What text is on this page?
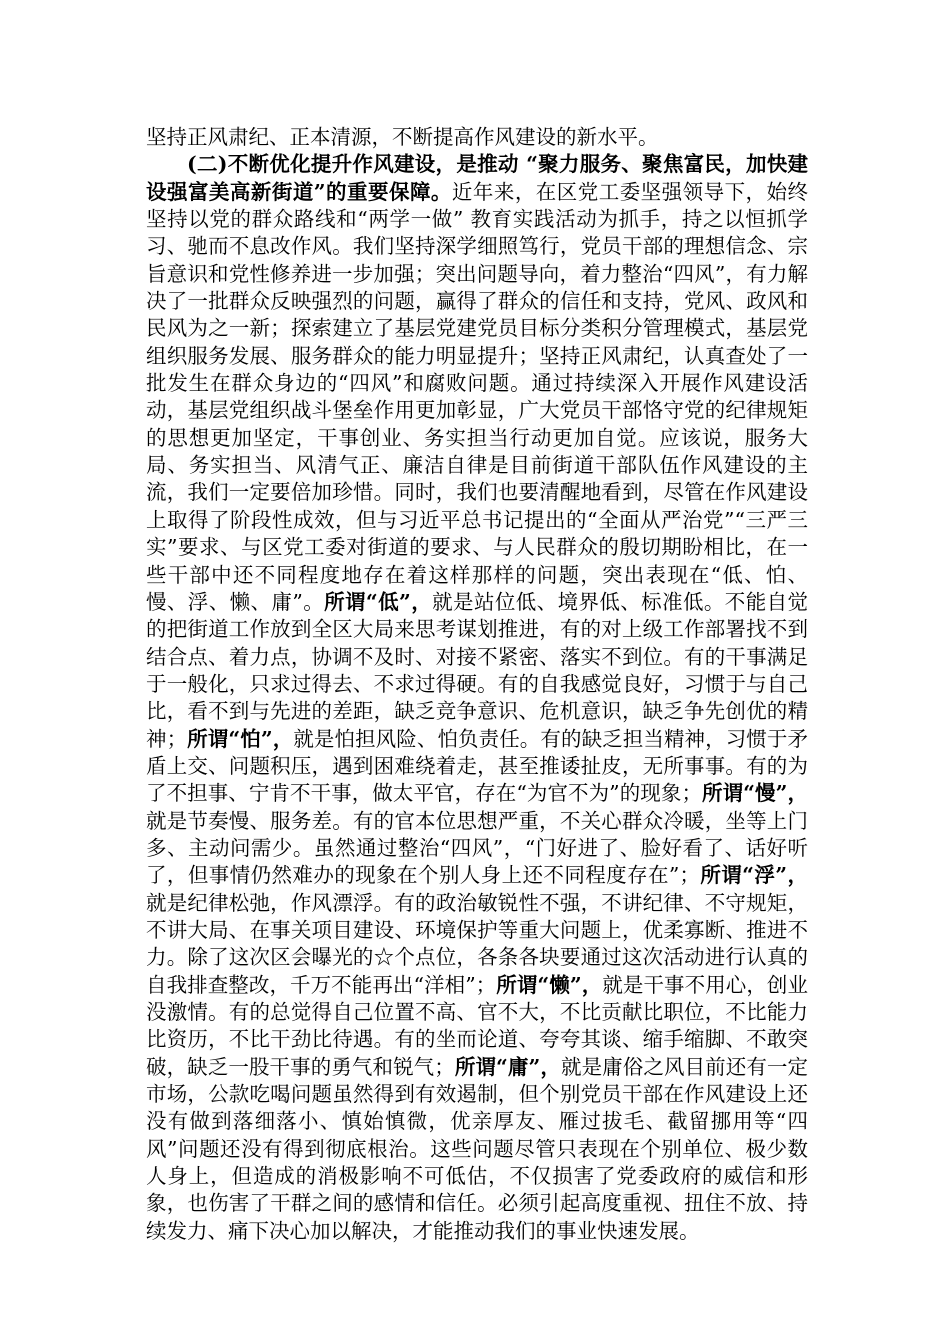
坚持正风肃纪、正本清源，不断提高作风建设的新水平。

(二)不断优化提升作风建设，是推动 “聚力服务、聚焦富民，加快建设强富美高新街道”的重要保障。近年来，在区党工委坚强领导下，始终坚持以党的群众路线和“两学一做” 教育实践活动为抓手，持之以恒抓学习、驰而不息改作风。我们坚持深学细照笃行，党员干部的理想信念、宗旨意识和党性修养进一步加强；突出问题导向，着力整治“四风”，有力解决了一批群众反映强烈的问题，赢得了群众的信任和支持，党风、政风和民风为之一新；探索建立了基层党建党员目标分类积分管理模式，基层党组织服务发展、服务群众的能力明显提升；坚持正风肃纪，认真查处了一批发生在群众身边的“四风”和腐败问题。通过持续深入开展作风建设活动，基层党组织战斗堡垒作用更加彰显，广大党员干部恪守党的纪律规矩的思想更加坚定，干事创业、务实担当行动更加自觉。应该说，服务大局、务实担当、风清气正、廉洁自律是目前街道干部队伍作风建设的主流，我们一定要倍加珍惜。同时，我们也要清醒地看到，尽管在作风建设上取得了阶段性成效，但与习近平总书记提出的“全面从严治党”“三严三实”要求、与区党工委对街道的要求、与人民群众的殷切期盼相比，在一些干部中还不同程度地存在着这样那样的问题，突出表现在“低、怕、慢、浮、懒、庸”。所谓“低”，就是站位低、境界低、标准低。不能自觉的把街道工作放到全区大局来思考谋划推进，有的对上级工作部署找不到结合点、着力点，协调不及时、对接不紧密、落实不到位。有的干事满足于一般化，只求过得去、不求过得硬。有的自我感觉良好，习惯于与自己比，看不到与先进的差距，缺乏竞争意识、危机意识，缺乏争先创优的精神；所谓“怕”，就是怕担风险、怕负责任。有的缺乏担当精神，习惯于矛盾上交、问题积压，遇到困难绕着走，甚至推诿扯皮，无所事事。有的为了不担事、宁肯不干事，做太平官，存在“为官不为”的现象；所谓“慢”，就是节奏慢、服务差。有的官本位思想严重，不关心群众冷暖，坐等上门多、主动问需少。虽然通过整治“四风”，“门好进了、脸好看了、话好听了，但事情仍然难办的现象在个别人身上还不同程度存在”；所谓“浮”，就是纪律松弛，作风漂浮。有的政治敏锐性不强，不讲纪律、不守规矩，不讲大局、在事关项目建设、环境保护等重大问题上，优柔寡断、推进不力。除了这次区会曝光的☆个点位，各条各块要通过这次活动进行认真的自我排查整改，千万不能再出“洋相”；所谓“懒”，就是干事不用心，创业没激情。有的总觉得自己位置不高、官不大，不比贡献比职位，不比能力比资历，不比干劲比待遇。有的坐而论道、夸夸其谈、缩手缩脚、不敢突破，缺乏一股干事的勇气和锐气；所谓“庸”，就是庸俗之风目前还有一定市场，公款吃喝问题虽然得到有效遏制，但个别党员干部在作风建设上还没有做到落细落小、慎始慎微，优亲厚友、雁过拔毛、截留挪用等“四风”问题还没有得到彻底根治。这些问题尽管只表现在个别单位、极少数人身上，但造成的消极影响不可低估，不仅损害了党委政府的威信和形象，也伤害了干群之间的感情和信任。必须引起高度重视、扭住不放、持续发力、痛下决心加以解决，才能推动我们的事业快速发展。
